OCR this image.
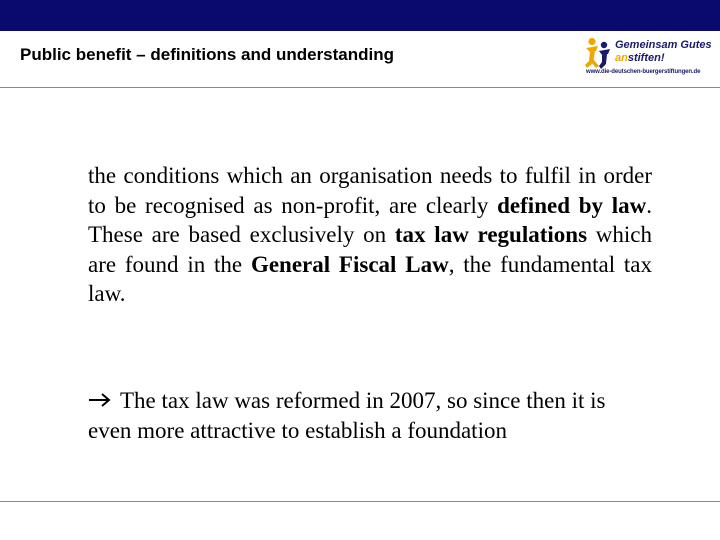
Public benefit – definitions and understanding	Gemeinsam Gutes
anstiften!
www.die-deutschen-buergerstiftungen.de
the conditions which an organisation needs to fulfil in order to be recognised as non-profit, are clearly defined by law. These are based exclusively on tax law regulations which are found in the General Fiscal Law, the fundamental tax law.
The tax law was reformed in 2007, so since then it is even more attractive to establish a foundation
